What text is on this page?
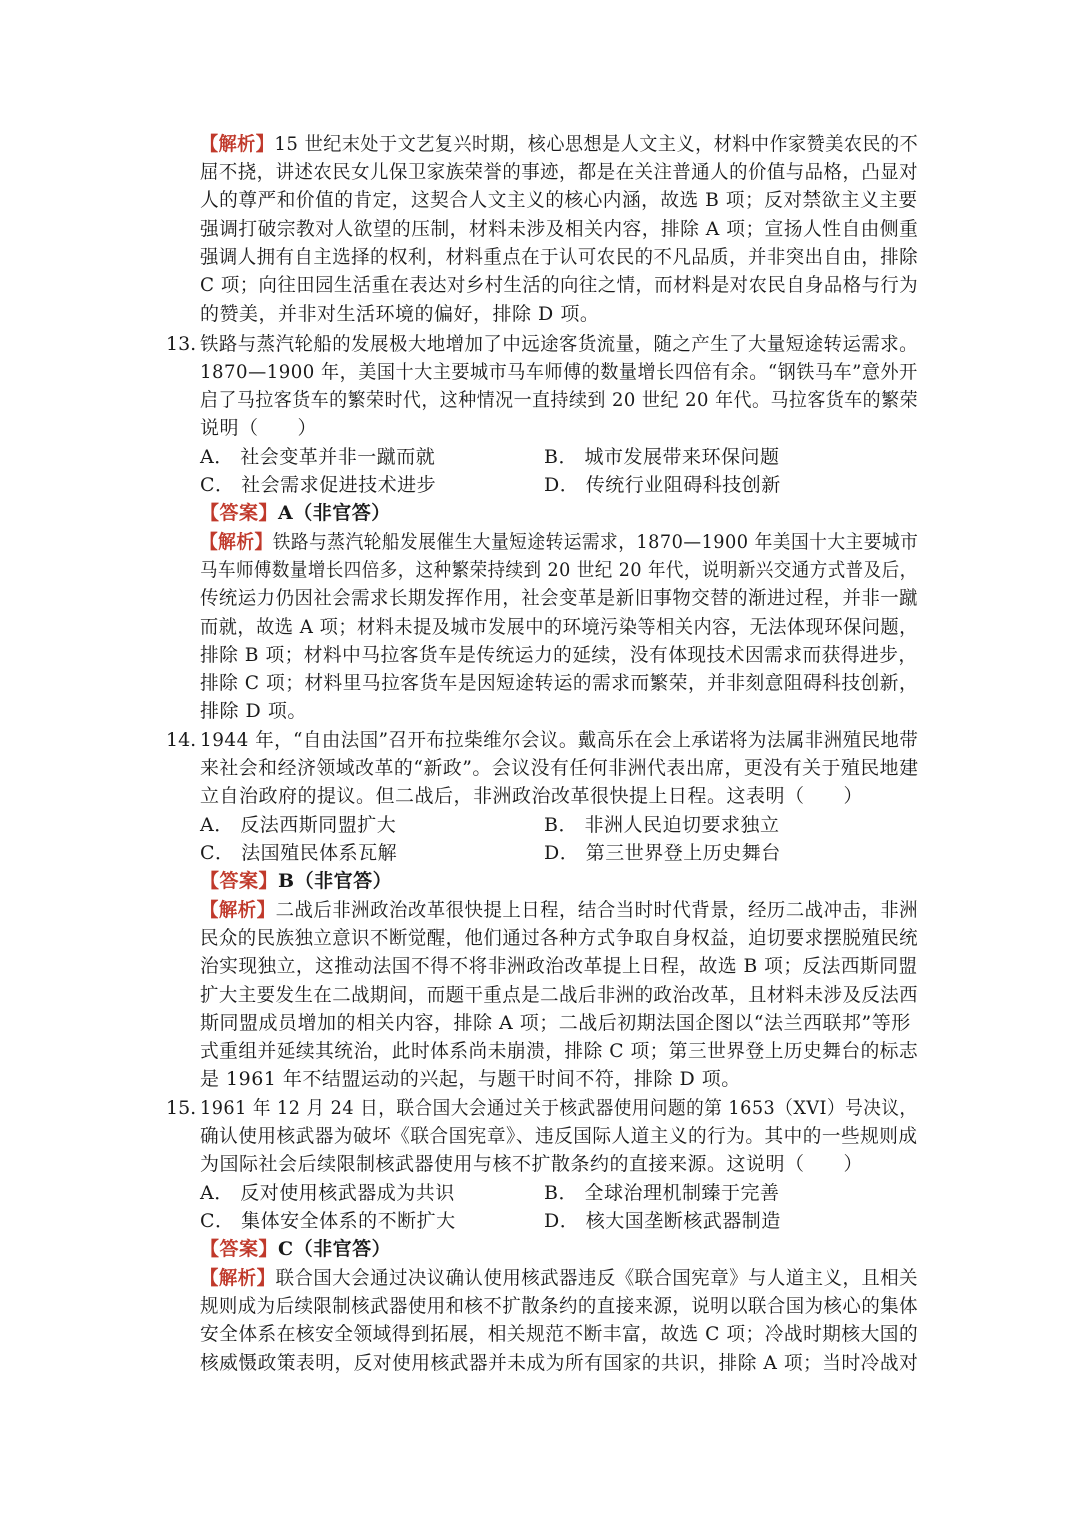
【解析】15 世纪末处于文艺复兴时期，核心思想是人文主义，材料中作家赞美农民的不
屈不挠，讲述农民女儿保卫家族荣誉的事迹，都是在关注普通人的价值与品格，凸显对
人的尊严和价值的肯定，这契合人文主义的核心内涵，故选 B 项；反对禁欲主义主要
强调打破宗教对人欲望的压制，材料未涉及相关内容，排除 A 项；宣扬人性自由侧重
强调人拥有自主选择的权利，材料重点在于认可农民的不凡品质，并非突出自由，排除
C 项；向往田园生活重在表达对乡村生活的向往之情，而材料是对农民自身品格与行为
的赞美，并非对生活环境的偏好，排除 D 项。
13. 铁路与蒸汽轮船的发展极大地增加了中远途客货流量，随之产生了大量短途转运需求。
1870—1900 年，美国十大主要城市马车师傅的数量增长四倍有余。“钢铁马车”意外开
启了马拉客货车的繁荣时代，这种情况一直持续到 20 世纪 20 年代。马拉客货车的繁荣
说明（　　）
A． 社会变革并非一蹴而就	B． 城市发展带来环保问题
C． 社会需求促进技术进步	D． 传统行业阻碍科技创新
【答案】A（非官答）
【解析】铁路与蒸汽轮船发展催生大量短途转运需求，1870—1900 年美国十大主要城市
马车师傅数量增长四倍多，这种繁荣持续到 20 世纪 20 年代，说明新兴交通方式普及后，
传统运力仍因社会需求长期发挥作用，社会变革是新旧事物交替的渐进过程，并非一蹴
而就，故选 A 项；材料未提及城市发展中的环境污染等相关内容，无法体现环保问题，
排除 B 项；材料中马拉客货车是传统运力的延续，没有体现技术因需求而获得进步，
排除 C 项；材料里马拉客货车是因短途转运的需求而繁荣，并非刻意阻碍科技创新，
排除 D 项。
14. 1944 年，“自由法国”召开布拉柴维尔会议。戴高乐在会上承诺将为法属非洲殖民地带
来社会和经济领域改革的“新政”。会议没有任何非洲代表出席，更没有关于殖民地建
立自治政府的提议。但二战后，非洲政治改革很快提上日程。这表明（　　）
A． 反法西斯同盟扩大	B． 非洲人民迫切要求独立
C． 法国殖民体系瓦解	D． 第三世界登上历史舞台
【答案】B（非官答）
【解析】二战后非洲政治改革很快提上日程，结合当时时代背景，经历二战冲击，非洲
民众的民族独立意识不断觉醒，他们通过各种方式争取自身权益，迫切要求摆脱殖民统
治实现独立，这推动法国不得不将非洲政治改革提上日程，故选 B 项；反法西斯同盟
扩大主要发生在二战期间，而题干重点是二战后非洲的政治改革，且材料未涉及反法西
斯同盟成员增加的相关内容，排除 A 项；二战后初期法国企图以“法兰西联邦”等形
式重组并延续其统治，此时体系尚未崩溃，排除 C 项；第三世界登上历史舞台的标志
是 1961 年不结盟运动的兴起，与题干时间不符，排除 D 项。
15. 1961 年 12 月 24 日，联合国大会通过关于核武器使用问题的第 1653（XVI）号决议，
确认使用核武器为破坏《联合国宪章》、违反国际人道主义的行为。其中的一些规则成
为国际社会后续限制核武器使用与核不扩散条约的直接来源。这说明（　　）
A． 反对使用核武器成为共识	B． 全球治理机制臻于完善
C． 集体安全体系的不断扩大	D． 核大国垄断核武器制造
【答案】C（非官答）
【解析】联合国大会通过决议确认使用核武器违反《联合国宪章》与人道主义，且相关
规则成为后续限制核武器使用和核不扩散条约的直接来源，说明以联合国为核心的集体
安全体系在核安全领域得到拓展，相关规范不断丰富，故选 C 项；冷战时期核大国的
核威慑政策表明，反对使用核武器并未成为所有国家的共识，排除 A 项；当时冷战对
